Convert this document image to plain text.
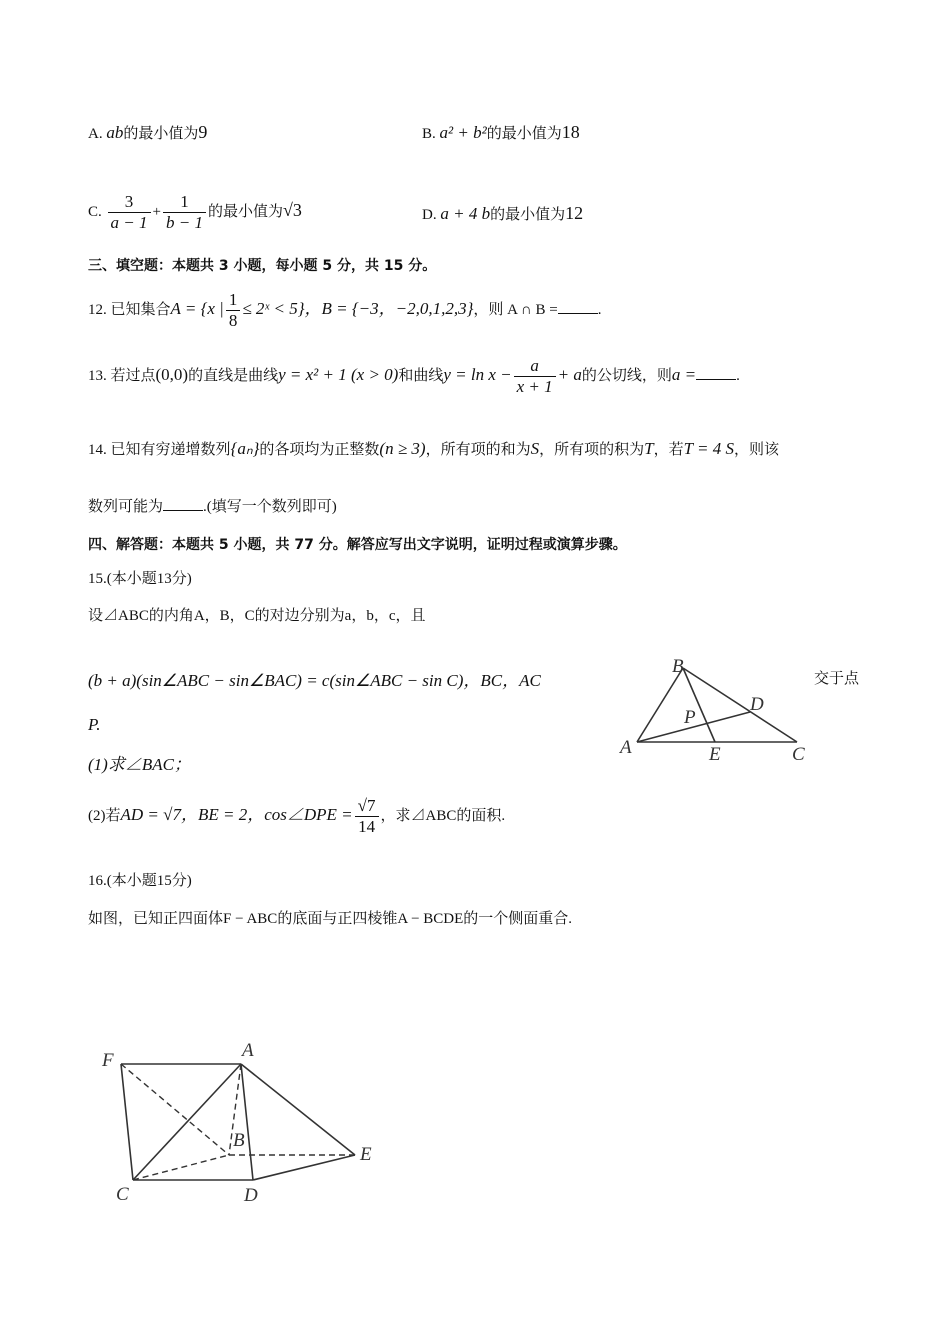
A. ab的最小值为9	B. a² + b²的最小值为18
C. $\frac{3}{a - 1} + \frac{1}{b - 1}$ 的最小值为√3	D. a + 4 b的最小值为12
三、填空题：本题共 3 小题，每小题 5 分，共 15 分。
12. 已知集合A = {x | $\frac{1}{8}$ ≤ 2ˣ < 5}，B = {−3，−2,0,1,2,3}，则 A ∩ B =	.
13. 若过点(0,0)的直线是曲线y = x² + 1 (x > 0)和曲线$y = \ln x - \frac{a}{x + 1} + a$的公切线，则a =	.
14. 已知有穷递增数列{aₙ}的各项均为正整数(n ≥ 3)，所有项的和为S，所有项的积为T，若T = 4 S，则该
数列可能为	.(填写一个数列即可)
四、解答题：本题共 5 小题，共 77 分。解答应写出文字说明，证明过程或演算步骤。
15.(本小题13分)
设⊿ABC的内角A，B，C的对边分别为a，b，c，且
(b + a)(sin∠ABC − sin∠BAC) = c(sin∠ABC − sin C)，BC，AC	交于点
P.
(1)求∠BAC；
(2)若AD = √7，BE = 2，cos∠DPE = $\frac{√7}{14}$ ，求⊿ABC的面积.
B
D
P
A	E	C
16.(本小题15分)
如图，已知正四面体F − ABC的底面与正四棱锥A − BCDE的一个侧面重合.
F	A
B
E
C	D
